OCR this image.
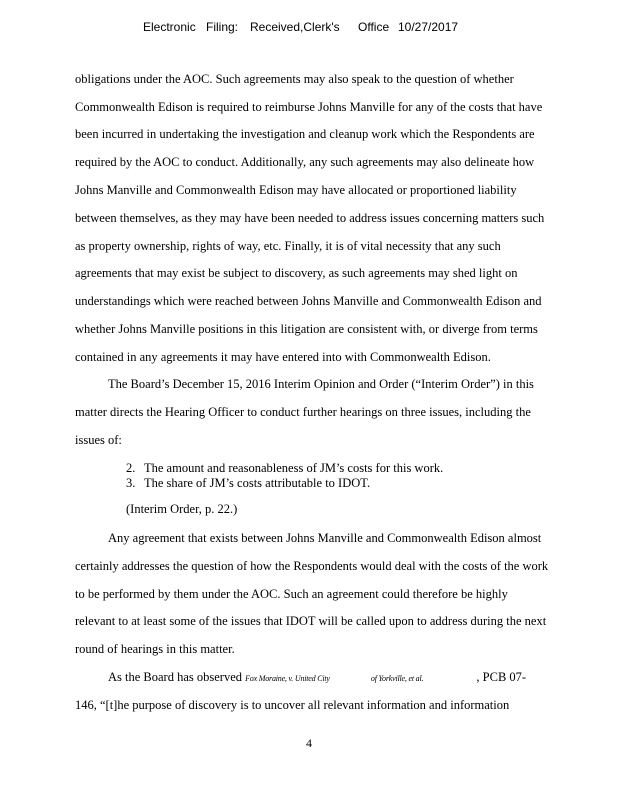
Electronic Filing: Received,Clerk's Office 10/27/2017
obligations under the AOC. Such agreements may also speak to the question of whether
Commonwealth Edison is required to reimburse Johns Manville for any of the costs that have
been incurred in undertaking the investigation and cleanup work which the Respondents are
required by the AOC to conduct. Additionally, any such agreements may also delineate how
Johns Manville and Commonwealth Edison may have allocated or proportioned liability
between themselves, as they may have been needed to address issues concerning matters such
as property ownership, rights of way, etc. Finally, it is of vital necessity that any such
agreements that may exist be subject to discovery, as such agreements may shed light on
understandings which were reached between Johns Manville and Commonwealth Edison and
whether Johns Manville positions in this litigation are consistent with, or diverge from terms
contained in any agreements it may have entered into with Commonwealth Edison.
The Board’s December 15, 2016 Interim Opinion and Order (“Interim Order”) in this
matter directs the Hearing Officer to conduct further hearings on three issues, including the
issues of:
Any agreement that exists between Johns Manville and Commonwealth Edison almost
certainly addresses the question of how the Respondents would deal with the costs of the work
to be performed by them under the AOC. Such an agreement could therefore be highly
relevant to at least some of the issues that IDOT will be called upon to address during the next
round of hearings in this matter.
As the Board has observed Fox Moraine, v. United City	of Yorkville, et al.	, PCB 07-
146, “[t]he purpose of discovery is to uncover all relevant information and information
2. The amount and reasonableness of JM’s costs for this work.
3. The share of JM’s costs attributable to IDOT.
(Interim Order, p. 22.)
4
